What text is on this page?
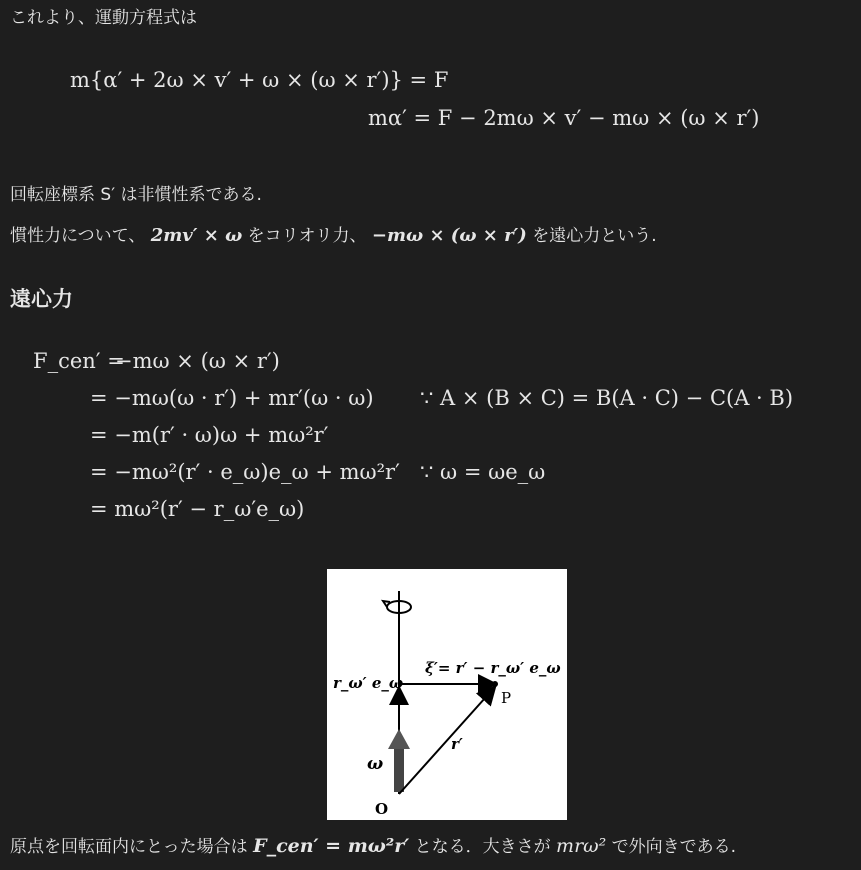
これより、運動方程式は
m{α′ + 2ω × v′ + ω × (ω × r′)} = F
mα′ = F − 2mω × v′ − mω × (ω × r′)
回転座標系 S′ は非慣性系である.
慣性力について、 2mv′ × ω をコリオリ力、 −mω × (ω × r′) を遠心力という.
遠心力
F_cen′ =
−mω × (ω × r′)
= −mω(ω · r′) + mr′(ω · ω) ∵ A × (B × C) = B(A · C) − C(A · B)
= −m(r′ · ω)ω + mω²r′
= −mω²(r′ · e_ω)e_ω + mω²r′ ∵ ω = ωe_ω
= mω²(r′ − r_ω′e_ω)
r_ω′ e_ω
ξ′= r′ − r_ω′ e_ω
P
r′
ω
O
原点を回転面内にとった場合は F_cen′ = mω²r′ となる．大きさが mrω² で外向きである.
